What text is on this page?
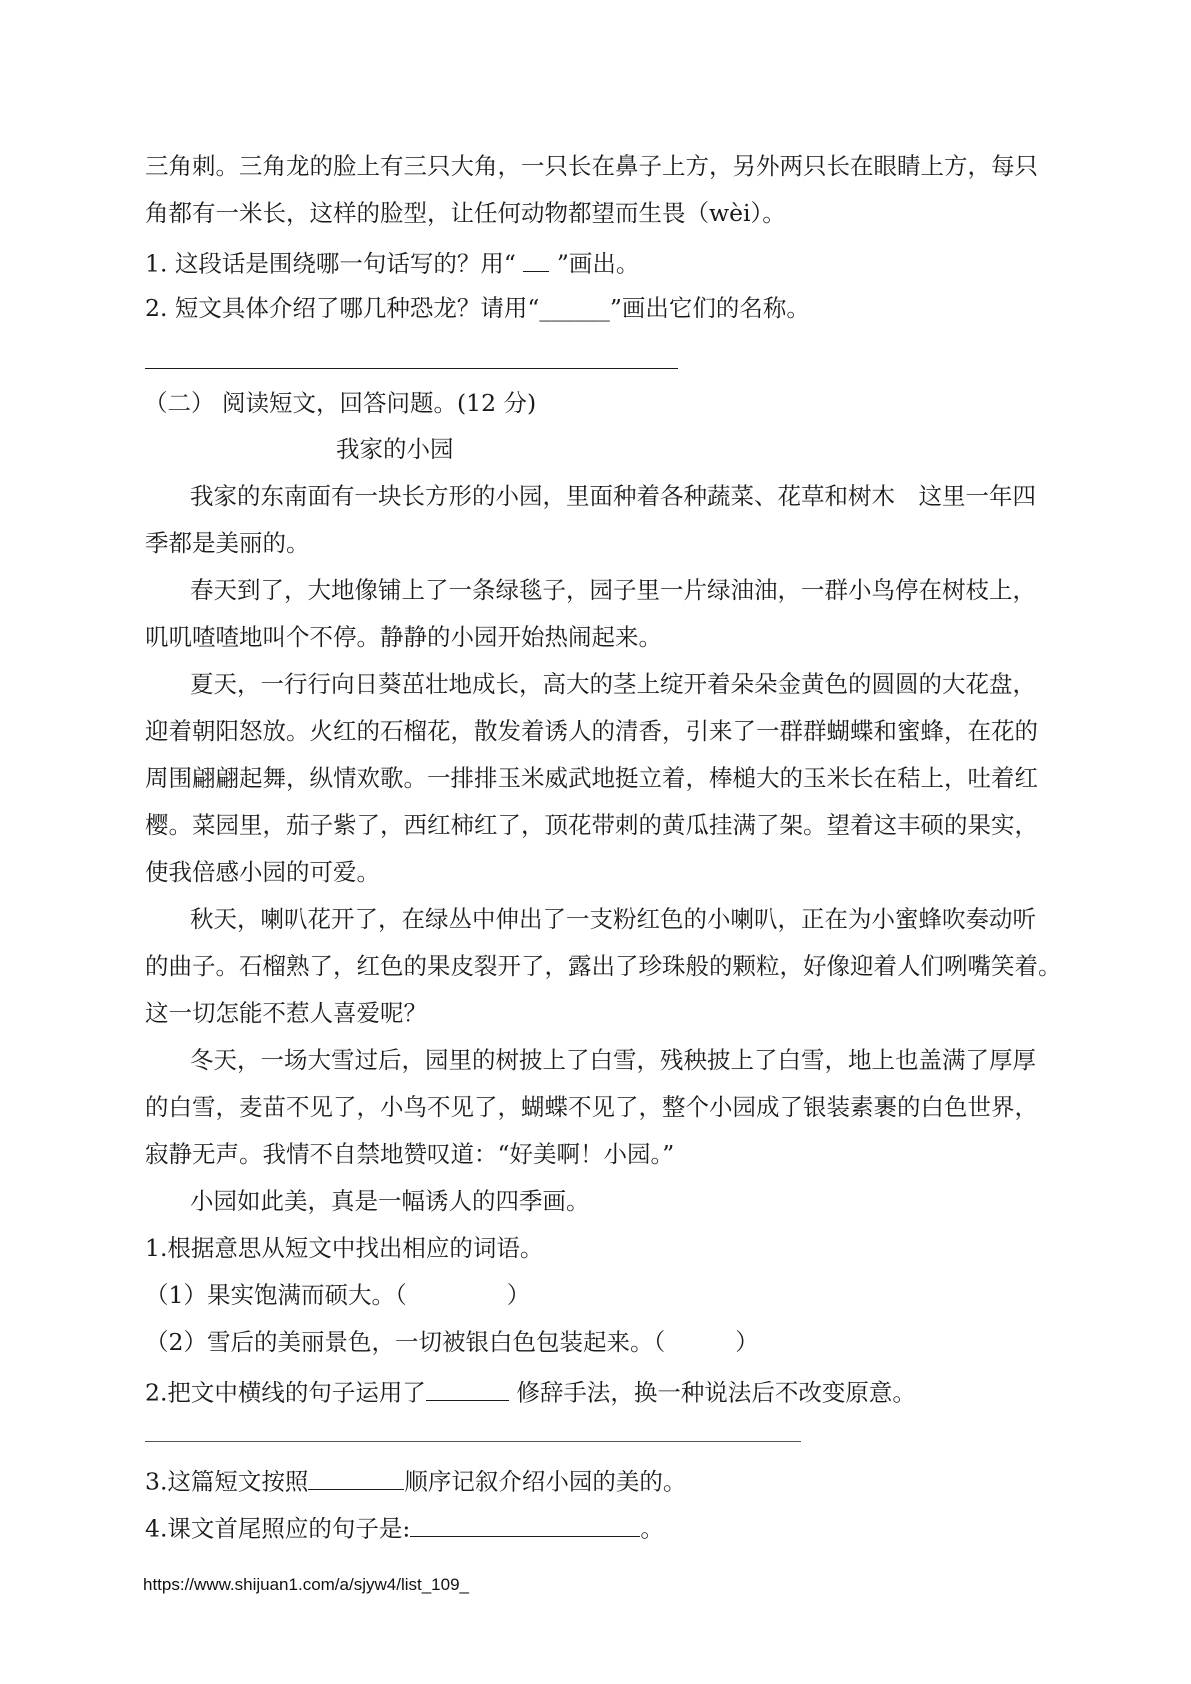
三角刺。三角龙的脸上有三只大角，一只长在鼻子上方，另外两只长在眼睛上方，每只
角都有一米长，这样的脸型，让任何动物都望而生畏（wèi）。
1. 这段话是围绕哪一句话写的？用“  ”画出。
2. 短文具体介绍了哪几种恐龙？请用“______”画出它们的名称。
（二） 阅读短文，回答问题。(12 分)
我家的小园
我家的东南面有一块长方形的小园，里面种着各种蔬菜、花草和树木　这里一年四
季都是美丽的。
春天到了，大地像铺上了一条绿毯子，园子里一片绿油油，一群小鸟停在树枝上，
叽叽喳喳地叫个不停。静静的小园开始热闹起来。
夏天，一行行向日葵茁壮地成长，高大的茎上绽开着朵朵金黄色的圆圆的大花盘，
迎着朝阳怒放。火红的石榴花，散发着诱人的清香，引来了一群群蝴蝶和蜜蜂，在花的
周围翩翩起舞，纵情欢歌。一排排玉米威武地挺立着，棒槌大的玉米长在秸上，吐着红
樱。菜园里，茄子紫了，西红柿红了，顶花带刺的黄瓜挂满了架。望着这丰硕的果实，
使我倍感小园的可爱。
秋天，喇叭花开了，在绿丛中伸出了一支粉红色的小喇叭，正在为小蜜蜂吹奏动听
的曲子。石榴熟了，红色的果皮裂开了，露出了珍珠般的颗粒，好像迎着人们咧嘴笑着。
这一切怎能不惹人喜爱呢？
冬天，一场大雪过后，园里的树披上了白雪，残秧披上了白雪，地上也盖满了厚厚
的白雪，麦苗不见了，小鸟不见了，蝴蝶不见了，整个小园成了银装素裹的白色世界，
寂静无声。我情不自禁地赞叹道：“好美啊！小园。”
小园如此美，真是一幅诱人的四季画。
1.根据意思从短文中找出相应的词语。
（1）果实饱满而硕大。（	）
（2）雪后的美丽景色，一切被银白色包装起来。（	）
2.把文中横线的句子运用了	修辞手法，换一种说法后不改变原意。
3.这篇短文按照	顺序记叙介绍小园的美的。
4.课文首尾照应的句子是:	。
https://www.shijuan1.com/a/sjyw4/list_109_
